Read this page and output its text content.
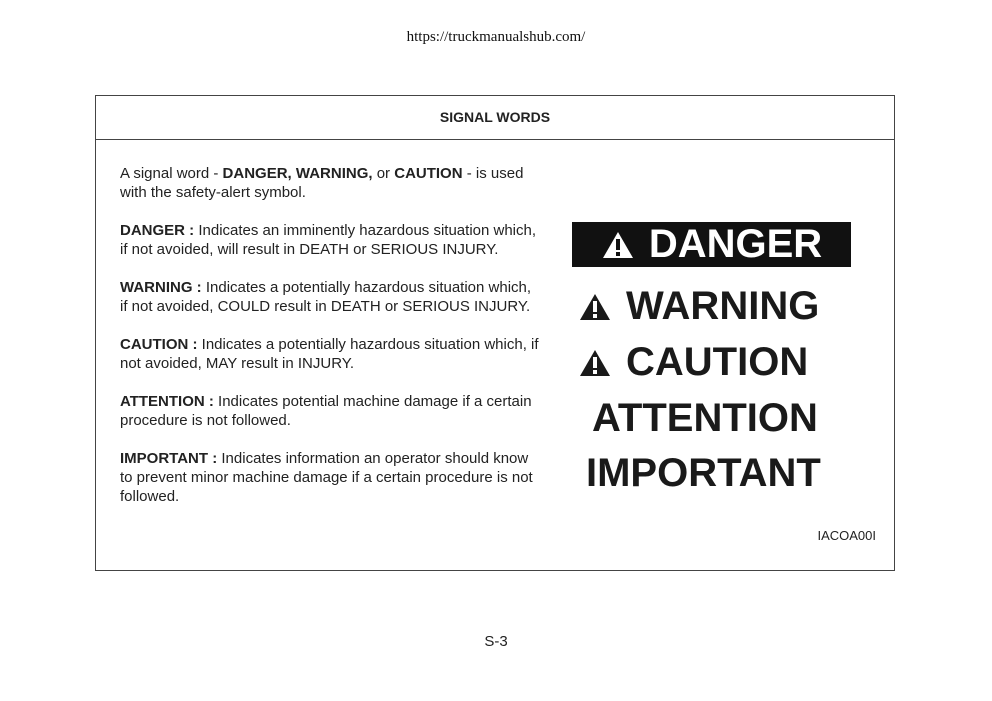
https://truckmanualshub.com/
SIGNAL WORDS

A signal word - DANGER, WARNING, or CAUTION - is used with the safety-alert symbol.

DANGER : Indicates an imminently hazardous situation which, if not avoided, will result in DEATH or SERIOUS INJURY.

WARNING : Indicates a potentially hazardous situation which, if not avoided, COULD result in DEATH or SERIOUS INJURY.

CAUTION : Indicates a potentially hazardous situation which, if not avoided, MAY result in INJURY.

ATTENTION : Indicates potential machine damage if a certain procedure is not followed.

IMPORTANT : Indicates information an operator should know to prevent minor machine damage if a certain procedure is not followed.

DANGER
WARNING
CAUTION
ATTENTION
IMPORTANT
IACOA00I
S-3
